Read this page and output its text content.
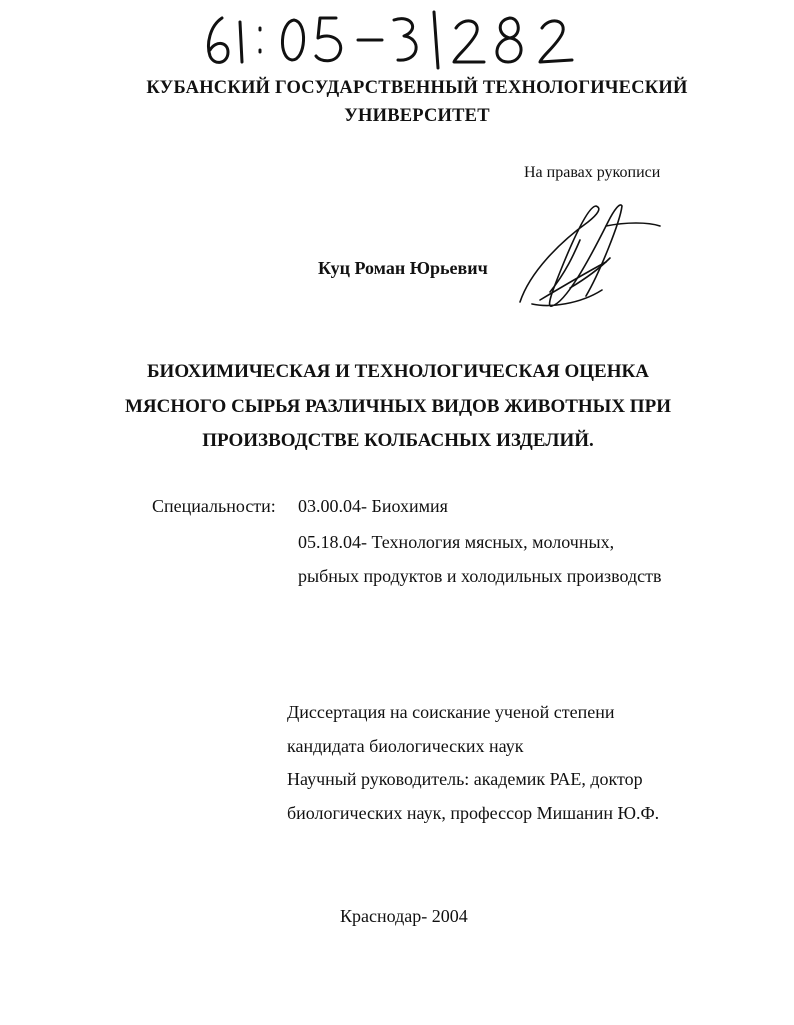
КУБАНСКИЙ ГОСУДАРСТВЕННЫЙ ТЕХНОЛОГИЧЕСКИЙ
УНИВЕРСИТЕТ
На правах рукописи
Куц Роман Юрьевич
БИОХИМИЧЕСКАЯ И ТЕХНОЛОГИЧЕСКАЯ ОЦЕНКА
МЯСНОГО СЫРЬЯ РАЗЛИЧНЫХ ВИДОВ ЖИВОТНЫХ ПРИ
ПРОИЗВОДСТВЕ КОЛБАСНЫХ ИЗДЕЛИЙ.
Специальности: 03.00.04- Биохимия
05.18.04- Технология мясных, молочных,
рыбных продуктов и холодильных производств
Диссертация на соискание ученой степени
кандидата биологических наук
Научный руководитель: академик РАЕ, доктор
биологических наук, профессор Мишанин Ю.Ф.
Краснодар- 2004
